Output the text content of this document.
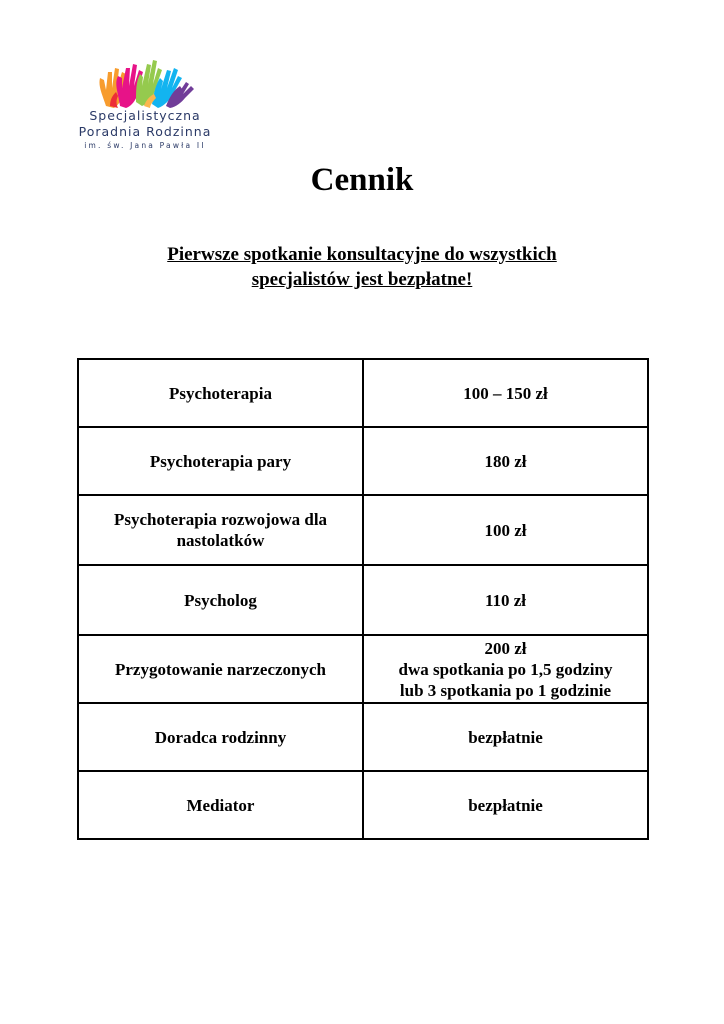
Specjalistyczna
Poradnia Rodzinna
im. św. Jana Pawła II
Cennik
Pierwsze spotkanie konsultacyjne do wszystkich
specjalistów jest bezpłatne!
Psychoterapia	100 – 150 zł
Psychoterapia pary	180 zł

Psychoterapia rozwojowa dla
nastolatków	100 zł
Psycholog	110 zł
Przygotowanie narzeczonych	200 zł
dwa spotkania po 1,5 godziny
lub 3 spotkania po 1 godzinie

Doradca rodzinny	bezpłatnie
Mediator	bezpłatnie
